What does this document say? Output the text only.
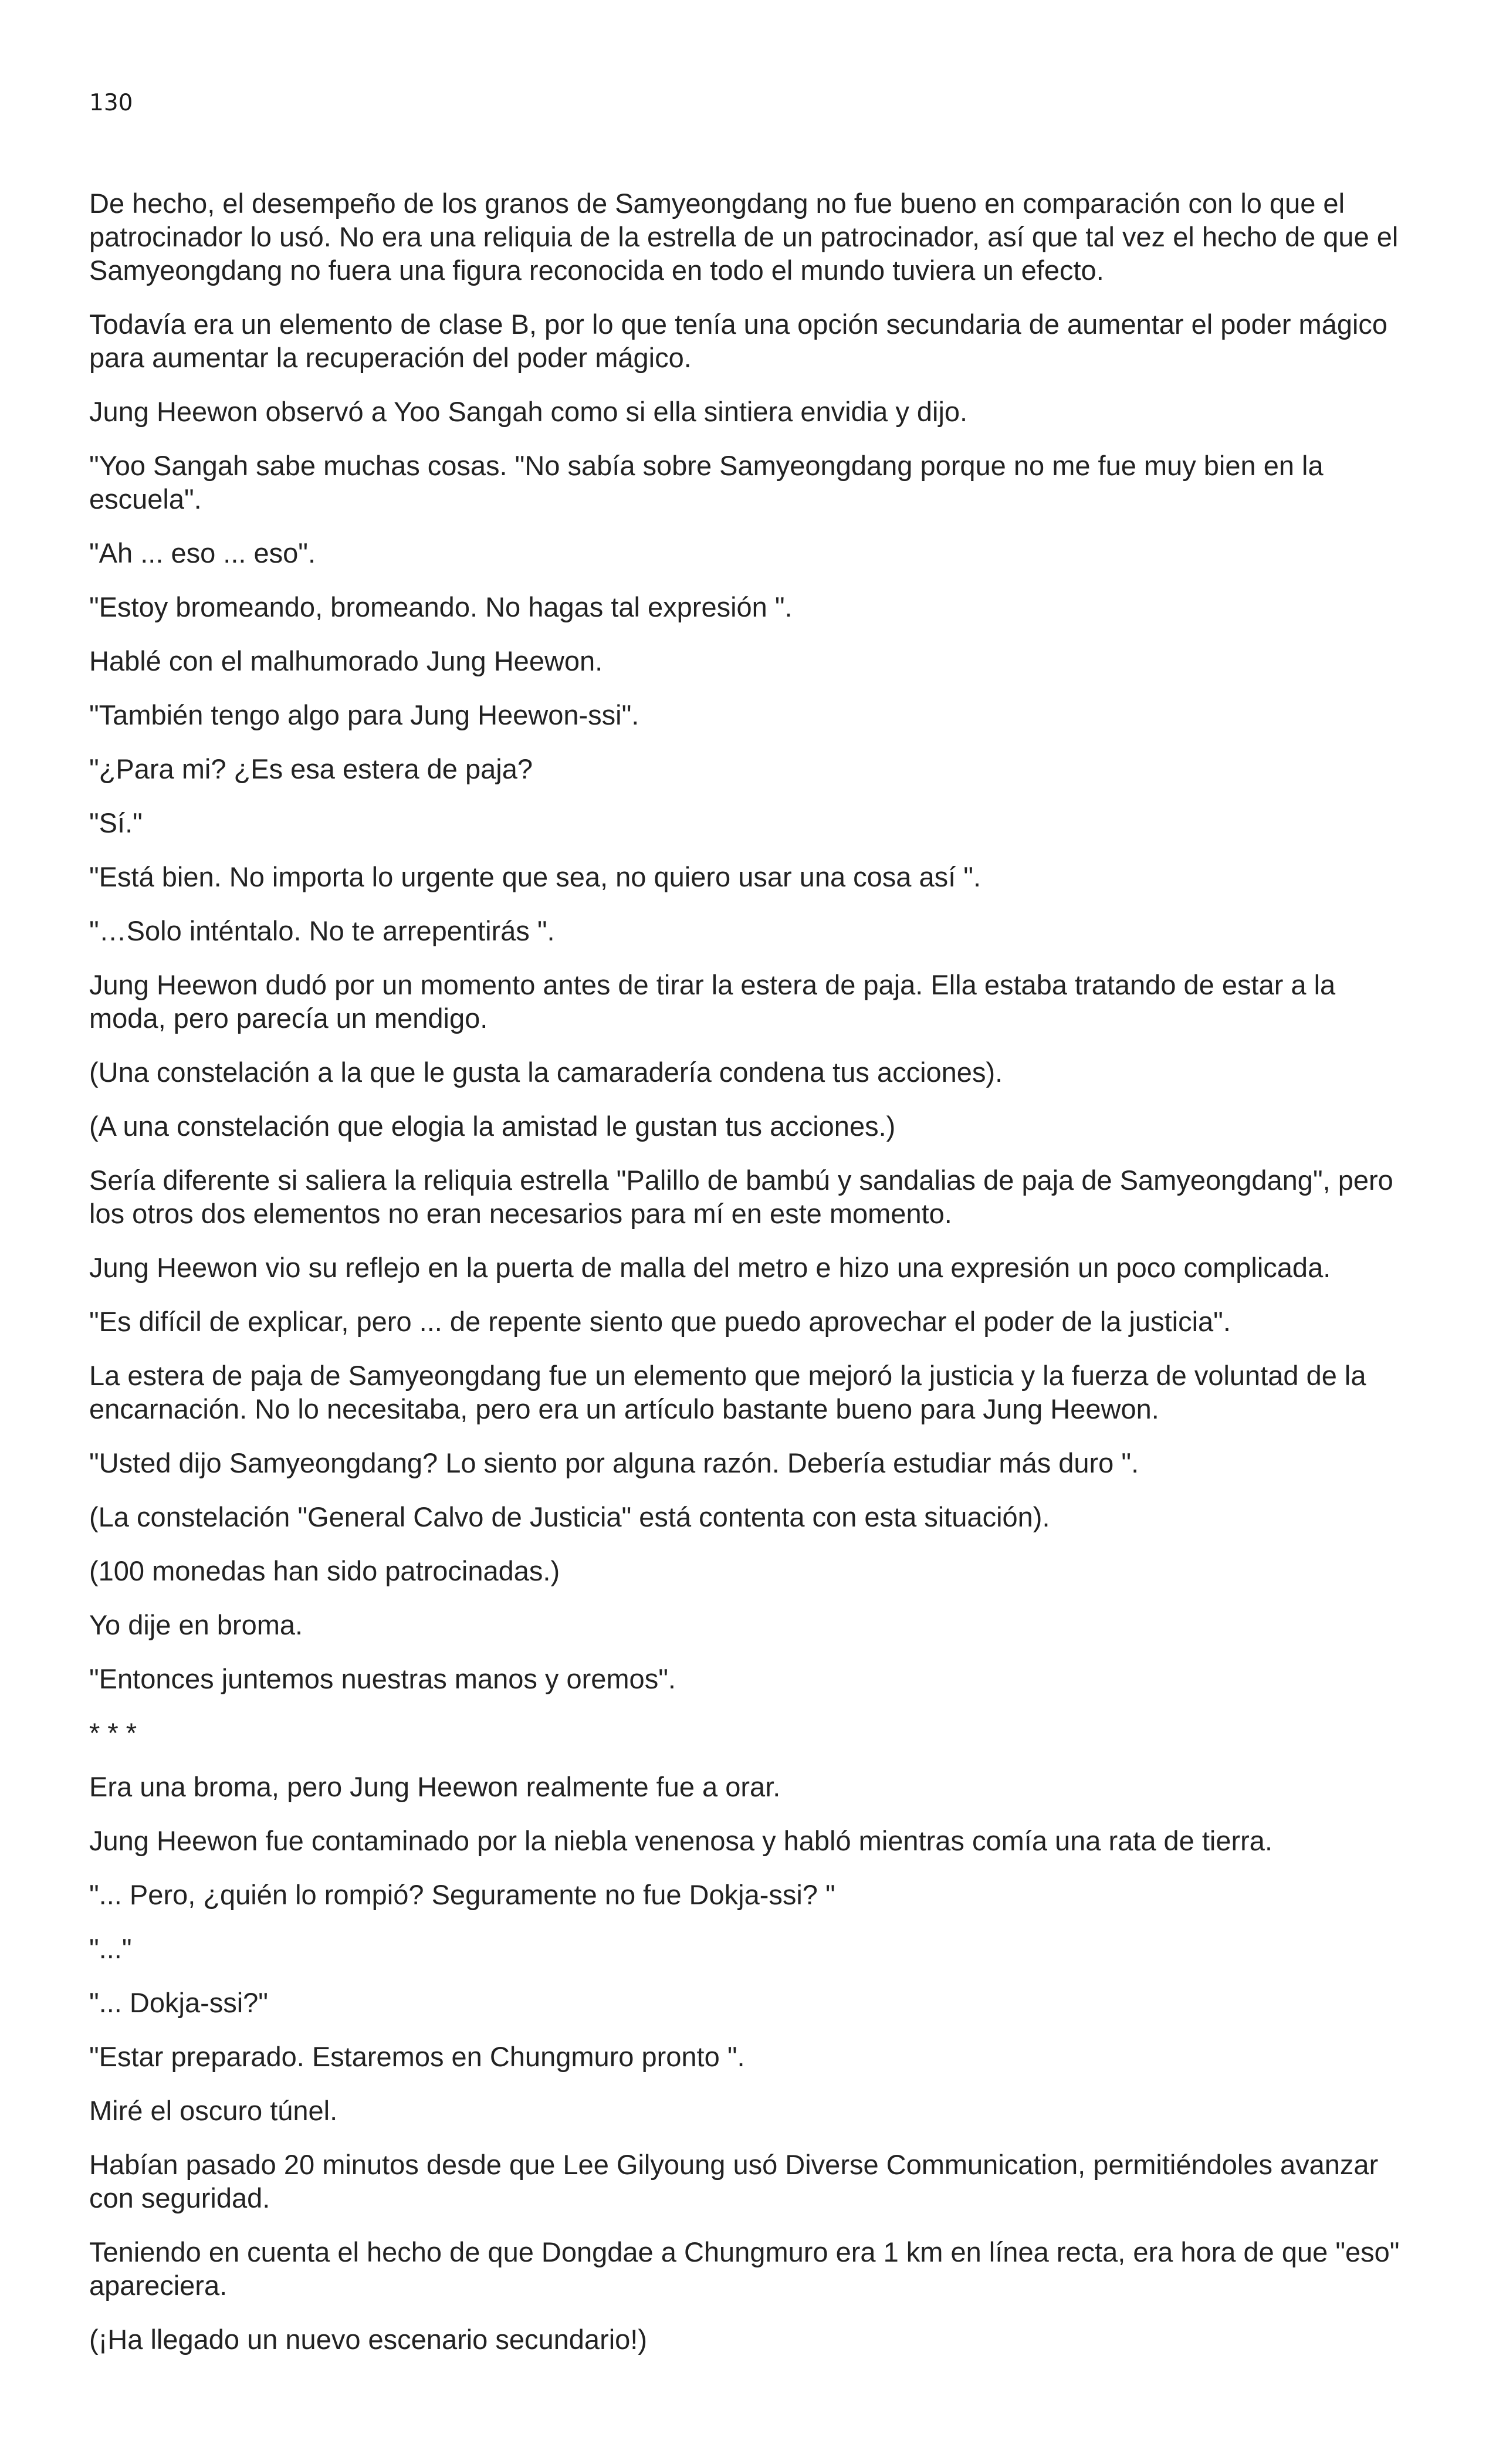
130

De hecho, el desempeño de los granos de Samyeongdang no fue bueno en comparación con lo que el patrocinador lo usó. No era una reliquia de la estrella de un patrocinador, así que tal vez el hecho de que el Samyeongdang no fuera una figura reconocida en todo el mundo tuviera un efecto.

Todavía era un elemento de clase B, por lo que tenía una opción secundaria de aumentar el poder mágico para aumentar la recuperación del poder mágico.

Jung Heewon observó a Yoo Sangah como si ella sintiera envidia y dijo.

"Yoo Sangah sabe muchas cosas. "No sabía sobre Samyeongdang porque no me fue muy bien en la escuela".

"Ah ... eso ... eso".

"Estoy bromeando, bromeando. No hagas tal expresión ".

Hablé con el malhumorado Jung Heewon.

"También tengo algo para Jung Heewon-ssi".

"¿Para mi? ¿Es esa estera de paja?

"Sí."

"Está bien. No importa lo urgente que sea, no quiero usar una cosa así ".

"…Solo inténtalo. No te arrepentirás ".

Jung Heewon dudó por un momento antes de tirar la estera de paja. Ella estaba tratando de estar a la moda, pero parecía un mendigo.

(Una constelación a la que le gusta la camaradería condena tus acciones).

(A una constelación que elogia la amistad le gustan tus acciones.)

Sería diferente si saliera la reliquia estrella "Palillo de bambú y sandalias de paja de Samyeongdang", pero los otros dos elementos no eran necesarios para mí en este momento.

Jung Heewon vio su reflejo en la puerta de malla del metro e hizo una expresión un poco complicada.

"Es difícil de explicar, pero ... de repente siento que puedo aprovechar el poder de la justicia".

La estera de paja de Samyeongdang fue un elemento que mejoró la justicia y la fuerza de voluntad de la encarnación. No lo necesitaba, pero era un artículo bastante bueno para Jung Heewon.

"Usted dijo Samyeongdang? Lo siento por alguna razón. Debería estudiar más duro ".

(La constelación "General Calvo de Justicia" está contenta con esta situación).

(100 monedas han sido patrocinadas.)

Yo dije en broma.

"Entonces juntemos nuestras manos y oremos".

* * *

Era una broma, pero Jung Heewon realmente fue a orar.

Jung Heewon fue contaminado por la niebla venenosa y habló mientras comía una rata de tierra.

"... Pero, ¿quién lo rompió? Seguramente no fue Dokja-ssi? "

"..."

"... Dokja-ssi?"

"Estar preparado. Estaremos en Chungmuro pronto ".

Miré el oscuro túnel.

Habían pasado 20 minutos desde que Lee Gilyoung usó Diverse Communication, permitiéndoles avanzar con seguridad.

Teniendo en cuenta el hecho de que Dongdae a Chungmuro era 1 km en línea recta, era hora de que "eso" apareciera.

(¡Ha llegado un nuevo escenario secundario!)
